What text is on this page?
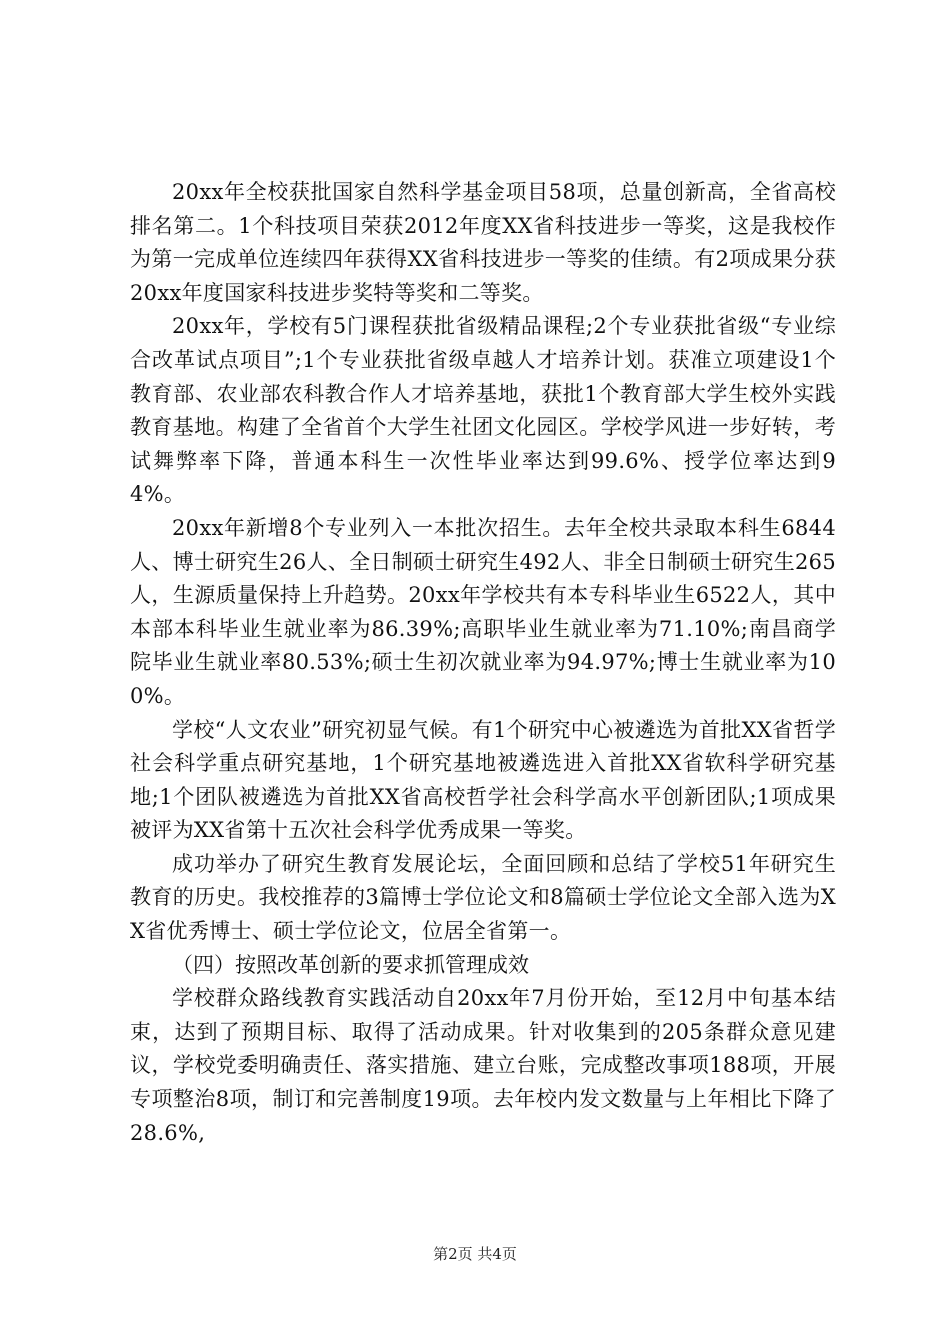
20xx年全校获批国家自然科学基金项目58项，总量创新高，全省高校排名第二。1个科技项目荣获2012年度XX省科技进步一等奖，这是我校作为第一完成单位连续四年获得XX省科技进步一等奖的佳绩。有2项成果分获20xx年度国家科技进步奖特等奖和二等奖。

20xx年，学校有5门课程获批省级精品课程;2个专业获批省级“专业综合改革试点项目”;1个专业获批省级卓越人才培养计划。获准立项建设1个教育部、农业部农科教合作人才培养基地，获批1个教育部大学生校外实践教育基地。构建了全省首个大学生社团文化园区。学校学风进一步好转，考试舞弊率下降，普通本科生一次性毕业率达到99.6%、授学位率达到94%。

20xx年新增8个专业列入一本批次招生。去年全校共录取本科生6844人、博士研究生26人、全日制硕士研究生492人、非全日制硕士研究生265人，生源质量保持上升趋势。20xx年学校共有本专科毕业生6522人，其中本部本科毕业生就业率为86.39%;高职毕业生就业率为71.10%;南昌商学院毕业生就业率80.53%;硕士生初次就业率为94.97%;博士生就业率为100%。

学校“人文农业”研究初显气候。有1个研究中心被遴选为首批XX省哲学社会科学重点研究基地，1个研究基地被遴选进入首批XX省软科学研究基地;1个团队被遴选为首批XX省高校哲学社会科学高水平创新团队;1项成果被评为XX省第十五次社会科学优秀成果一等奖。

成功举办了研究生教育发展论坛，全面回顾和总结了学校51年研究生教育的历史。我校推荐的3篇博士学位论文和8篇硕士学位论文全部入选为XX省优秀博士、硕士学位论文，位居全省第一。

（四）按照改革创新的要求抓管理成效

学校群众路线教育实践活动自20xx年7月份开始，至12月中旬基本结束，达到了预期目标、取得了活动成果。针对收集到的205条群众意见建议，学校党委明确责任、落实措施、建立台账，完成整改事项188项，开展专项整治8项，制订和完善制度19项。去年校内发文数量与上年相比下降了28.6%,

第2页 共4页
